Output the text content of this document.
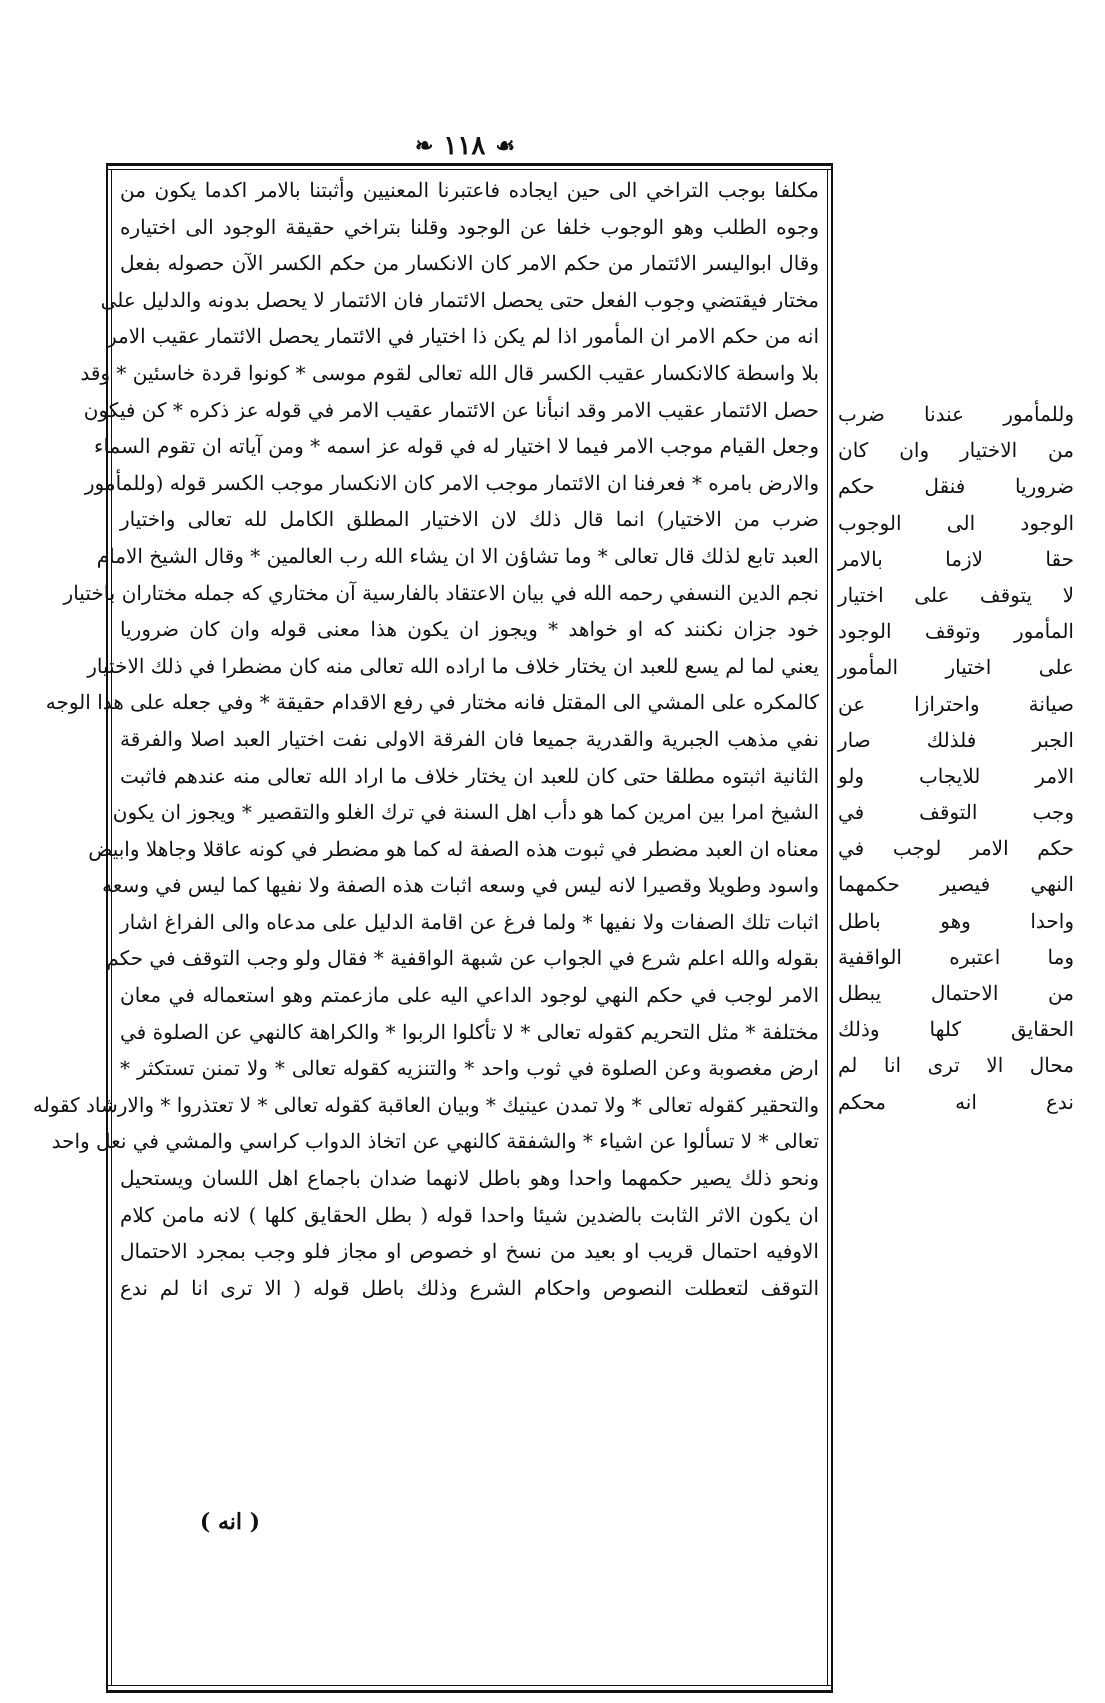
☙
١١٨
❧
مكلفا بوجب التراخي الى حين ايجاده فاعتبرنا المعنيين وأثبتنا بالامر اكدما يكون من
وجوه الطلب وهو الوجوب خلفا عن الوجود وقلنا بتراخي حقيقة الوجود الى اختياره
وقال ابواليسر الائتمار من حكم الامر كان الانكسار من حكم الكسر الآن حصوله بفعل
مختار فيقتضي وجوب الفعل حتى يحصل الائتمار فان الائتمار لا يحصل بدونه والدليل على
انه من حكم الامر ان المأمور اذا لم يكن ذا اختيار في الائتمار يحصل الائتمار عقيب الامر
بلا واسطة كالانكسار عقيب الكسر قال الله تعالى لقوم موسى * كونوا قردة خاسئين * وقد
حصل الائتمار عقيب الامر وقد انبأنا عن الائتمار عقيب الامر في قوله عز ذكره * كن فيكون
وجعل القيام موجب الامر فيما لا اختيار له في قوله عز اسمه * ومن آياته ان تقوم السماء
والارض بامره * فعرفنا ان الائتمار موجب الامر كان الانكسار موجب الكسر قوله (وللمأمور
ضرب من الاختيار) انما قال ذلك لان الاختيار المطلق الكامل لله تعالى واختيار
العبد تابع لذلك قال تعالى * وما تشاؤن الا ان يشاء الله رب العالمين * وقال الشيخ الامام
نجم الدين النسفي رحمه الله في بيان الاعتقاد بالفارسية آن مختاري كه جمله مختاران باختيار
خود جزان نكنند كه او خواهد * ويجوز ان يكون هذا معنى قوله وان كان ضروريا
يعني لما لم يسع للعبد ان يختار خلاف ما اراده الله تعالى منه كان مضطرا في ذلك الاختيار
كالمكره على المشي الى المقتل فانه مختار في رفع الاقدام حقيقة * وفي جعله على هذا الوجه
نفي مذهب الجبرية والقدرية جميعا فان الفرقة الاولى نفت اختيار العبد اصلا والفرقة
الثانية اثبتوه مطلقا حتى كان للعبد ان يختار خلاف ما اراد الله تعالى منه عندهم فاثبت
الشيخ امرا بين امرين كما هو دأب اهل السنة في ترك الغلو والتقصير * ويجوز ان يكون
معناه ان العبد مضطر في ثبوت هذه الصفة له كما هو مضطر في كونه عاقلا وجاهلا وابيض
واسود وطويلا وقصيرا لانه ليس في وسعه اثبات هذه الصفة ولا نفيها كما ليس في وسعه
اثبات تلك الصفات ولا نفيها * ولما فرغ عن اقامة الدليل على مدعاه والى الفراغ اشار
بقوله والله اعلم شرع في الجواب عن شبهة الواقفية * فقال ولو وجب التوقف في حكم
الامر لوجب في حكم النهي لوجود الداعي اليه على مازعمتم وهو استعماله في معان
مختلفة * مثل التحريم كقوله تعالى * لا تأكلوا الربوا * والكراهة كالنهي عن الصلوة في
ارض مغصوبة وعن الصلوة في ثوب واحد * والتنزيه كقوله تعالى * ولا تمنن تستكثر *
والتحقير كقوله تعالى * ولا تمدن عينيك * وبيان العاقبة كقوله تعالى * لا تعتذروا * والارشاد كقوله
تعالى * لا تسألوا عن اشياء * والشفقة كالنهي عن اتخاذ الدواب كراسي والمشي في نعل واحد
ونحو ذلك يصير حكمهما واحدا وهو باطل لانهما ضدان باجماع اهل اللسان ويستحيل
ان يكون الاثر الثابت بالضدين شيئا واحدا قوله ( بطل الحقايق كلها ) لانه مامن كلام
الاوفيه احتمال قريب او بعيد من نسخ او خصوص او مجاز فلو وجب بمجرد الاحتمال
التوقف لتعطلت النصوص واحكام الشرع وذلك باطل قوله ( الا ترى انا لم ندع
وللمأمور عندنا ضرب
من الاختيار وان كان
ضروريا فنقل حكم
الوجود الى الوجوب
حقا لازما بالامر
لا يتوقف على اختيار
المأمور وتوقف الوجود
على اختيار المأمور
صيانة واحترازا عن
الجبر فلذلك صار
الامر للايجاب ولو
وجب التوقف في
حكم الامر لوجب في
النهي فيصير حكمهما
واحدا وهو باطل
وما اعتبره الواقفية
من الاحتمال يبطل
الحقايق كلها وذلك
محال الا ترى انا لم
ندع انه محكم
( انه )
